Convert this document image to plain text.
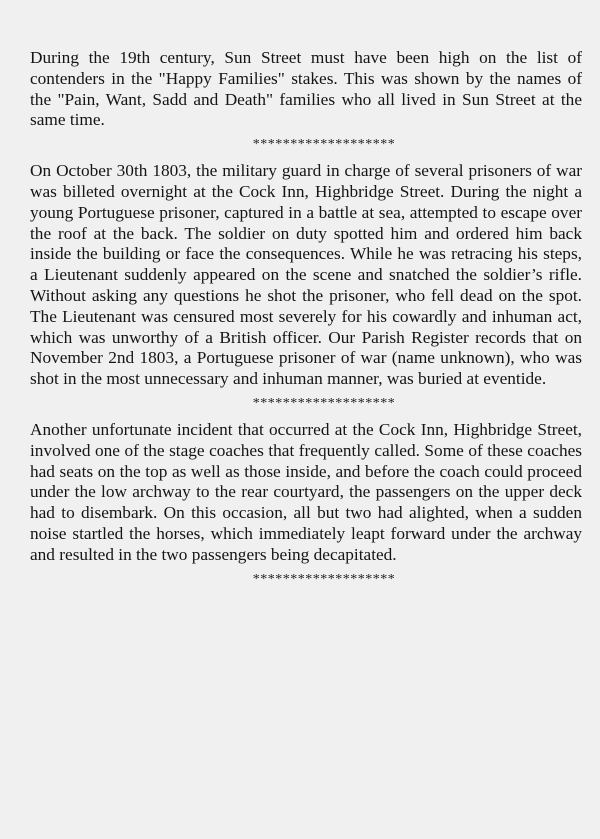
During the 19th century, Sun Street must have been high on the list of contenders in the "Happy Families" stakes. This was shown by the names of the "Pain, Want, Sadd and Death" families who all lived in Sun Street at the same time.

*******************

On October 30th 1803, the military guard in charge of several prisoners of war was billeted overnight at the Cock Inn, Highbridge Street. During the night a young Portuguese prisoner, captured in a battle at sea, attempted to escape over the roof at the back. The soldier on duty spotted him and ordered him back inside the building or face the consequences. While he was retracing his steps, a Lieutenant suddenly appeared on the scene and snatched the soldier’s rifle. Without asking any questions he shot the prisoner, who fell dead on the spot. The Lieutenant was censured most severely for his cowardly and inhuman act, which was unworthy of a British officer. Our Parish Register records that on November 2nd 1803, a Portuguese prisoner of war (name unknown), who was shot in the most unnecessary and inhuman manner, was buried at eventide.

*******************

Another unfortunate incident that occurred at the Cock Inn, Highbridge Street, involved one of the stage coaches that frequently called. Some of these coaches had seats on the top as well as those inside, and before the coach could proceed under the low archway to the rear courtyard, the passengers on the upper deck had to disembark. On this occasion, all but two had alighted, when a sudden noise startled the horses, which immediately leapt forward under the archway and resulted in the two passengers being decapitated.

*******************
